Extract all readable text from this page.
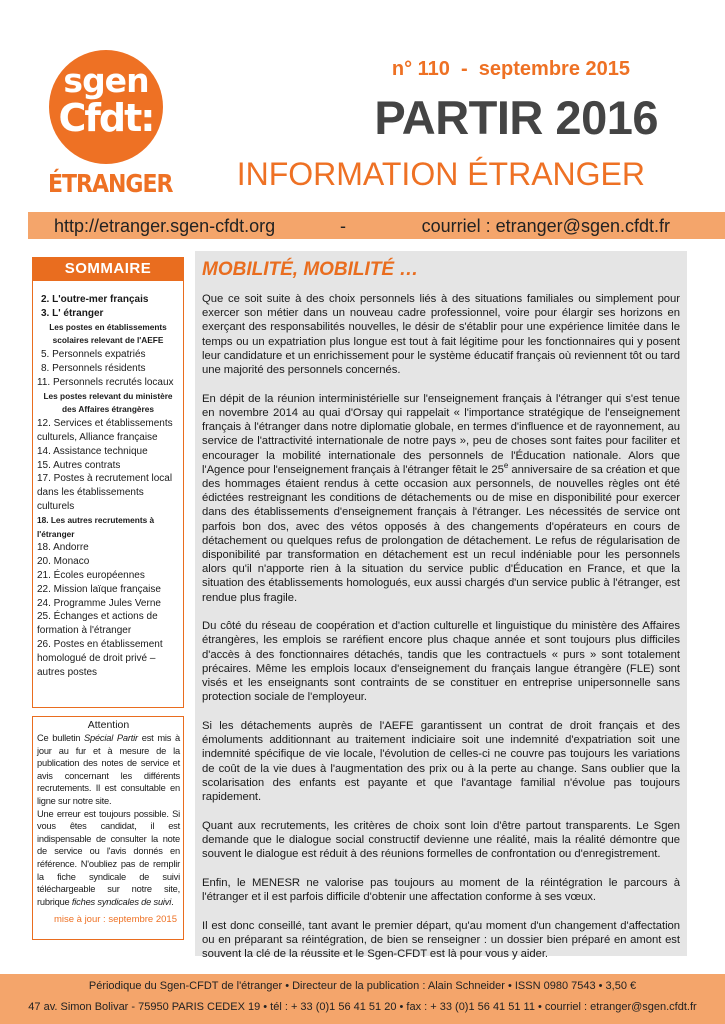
sgen
Cfdt:
ÉTRANGER
n° 110  -  septembre 2015
PARTIR 2016
INFORMATION ÉTRANGER
http://etranger.sgen-cfdt.org	-	courriel : etranger@sgen.cfdt.fr
SOMMAIRE
2. L'outre-mer français
3. L' étranger
Les postes en établissements scolaires relevant de l'AEFE
5. Personnels expatriés
8. Personnels résidents
11. Personnels recrutés locaux
Les postes relevant du ministère des Affaires étrangères
12. Services et établissements culturels, Alliance française
14. Assistance technique
15. Autres contrats
17. Postes à recrutement local dans les établissements culturels
18. Les autres recrutements à l'étranger
18. Andorre
20. Monaco
21. Écoles européennes
22. Mission laïque française
24. Programme Jules Verne
25. Échanges et actions de formation à l'étranger
26. Postes en établissement homologué de droit privé – autres postes
Attention

Ce bulletin Spécial Partir est mis à jour au fur et à mesure de la publication des notes de service et avis concernant les différents recrutements. Il est consultable en ligne sur notre site.

Une erreur est toujours possible. Si vous êtes candidat, il est indispensable de consulter la note de service ou l'avis donnés en référence. N'oubliez pas de remplir la fiche syndicale de suivi téléchargeable sur notre site, rubrique fiches syndicales de suivi.

mise à jour : septembre 2015
MOBILITÉ, MOBILITÉ …

Que ce soit suite à des choix personnels liés à des situations familiales ou simplement pour exercer son métier dans un nouveau cadre professionnel, voire pour élargir ses horizons en exerçant des responsabilités nouvelles, le désir de s'établir pour une expérience limitée dans le temps ou un expatriation plus longue est tout à fait légitime pour les fonctionnaires qui y posent leur candidature et un enrichissement pour le système éducatif français où reviennent tôt ou tard une majorité des personnels concernés.

En dépit de la réunion interministérielle sur l'enseignement français à l'étranger qui s'est tenue en novembre 2014 au quai d'Orsay qui rappelait « l'importance stratégique de l'enseignement français à l'étranger dans notre diplomatie globale, en termes d'influence et de rayonnement, au service de l'attractivité internationale de notre pays », peu de choses sont faites pour faciliter et encourager la mobilité internationale des personnels de l'Éducation nationale. Alors que l'Agence pour l'enseignement français à l'étranger fêtait le 25e anniversaire de sa création et que des hommages étaient rendus à cette occasion aux personnels, de nouvelles règles ont été édictées restreignant les conditions de détachements ou de mise en disponibilité pour exercer dans des établissements d'enseignement français à l'étranger. Les nécessités de service ont parfois bon dos, avec des vétos opposés à des changements d'opérateurs en cours de détachement ou quelques refus de prolongation de détachement. Le refus de régularisation de disponibilité par transformation en détachement est un recul indéniable pour les personnels alors qu'il n'apporte rien à la situation du service public d'Éducation en France, et que la situation des établissements homologués, eux aussi chargés d'un service public à l'étranger, est rendue plus fragile.

Du côté du réseau de coopération et d'action culturelle et linguistique du ministère des Affaires étrangères, les emplois se raréfient encore plus chaque année et sont toujours plus difficiles d'accès à des fonctionnaires détachés, tandis que les contractuels « purs » sont totalement précaires. Même les emplois locaux d'enseignement du français langue étrangère (FLE) sont visés et les enseignants sont contraints de se constituer en entreprise unipersonnelle sans protection sociale de l'employeur.

Si les détachements auprès de l'AEFE garantissent un contrat de droit français et des émoluments additionnant au traitement indiciaire soit une indemnité d'expatriation soit une indemnité spécifique de vie locale, l'évolution de celles-ci ne couvre pas toujours les variations de coût de la vie dues à l'augmentation des prix ou à la perte au change. Sans oublier que la scolarisation des enfants est payante et que l'avantage familial n'évolue pas toujours rapidement.

Quant aux recrutements, les critères de choix sont loin d'être partout transparents. Le Sgen demande que le dialogue social constructif devienne une réalité, mais la réalité démontre que souvent le dialogue est réduit à des réunions formelles de confrontation ou d'enregistrement.

Enfin, le MENESR ne valorise pas toujours au moment de la réintégration le parcours à l'étranger et il est parfois difficile d'obtenir une affectation conforme à ses vœux.

Il est donc conseillé, tant avant le premier départ, qu'au moment d'un changement d'affectation ou en préparant sa réintégration, de bien se renseigner : un dossier bien préparé en amont est souvent la clé de la réussite et le Sgen-CFDT est là pour vous y aider.

Périodique du Sgen-CFDT de l'étranger • Directeur de la publication : Alain Schneider • ISSN 0980 7543 • 3,50 €
47 av. Simon Bolivar - 75950 PARIS CEDEX 19 • tél : + 33 (0)1 56 41 51 20 • fax : + 33 (0)1 56 41 51 11 • courriel : etranger@sgen.cfdt.fr
